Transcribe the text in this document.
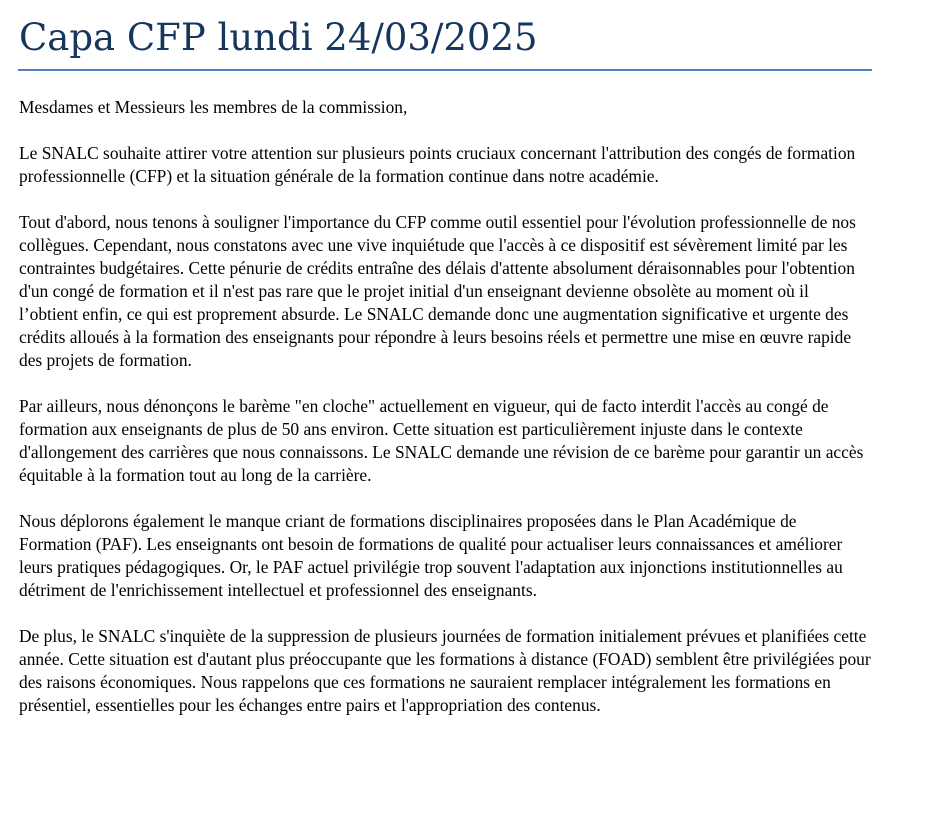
Capa CFP lundi 24/03/2025

Mesdames et Messieurs les membres de la commission,

Le SNALC souhaite attirer votre attention sur plusieurs points cruciaux concernant l'attribution des congés de formation professionnelle (CFP) et la situation générale de la formation continue dans notre académie.

Tout d'abord, nous tenons à souligner l'importance du CFP comme outil essentiel pour l'évolution professionnelle de nos collègues. Cependant, nous constatons avec une vive inquiétude que l'accès à ce dispositif est sévèrement limité par les contraintes budgétaires. Cette pénurie de crédits entraîne des délais d'attente absolument déraisonnables pour l'obtention d'un congé de formation et il n'est pas rare que le projet initial d'un enseignant devienne obsolète au moment où il l’obtient enfin, ce qui est proprement absurde. Le SNALC demande donc une augmentation significative et urgente des crédits alloués à la formation des enseignants pour répondre à leurs besoins réels et permettre une mise en œuvre rapide des projets de formation.

Par ailleurs, nous dénonçons le barème "en cloche" actuellement en vigueur, qui de facto interdit l'accès au congé de formation aux enseignants de plus de 50 ans environ. Cette situation est particulièrement injuste dans le contexte d'allongement des carrières que nous connaissons. Le SNALC demande une révision de ce barème pour garantir un accès équitable à la formation tout au long de la carrière.

Nous déplorons également le manque criant de formations disciplinaires proposées dans le Plan Académique de Formation (PAF). Les enseignants ont besoin de formations de qualité pour actualiser leurs connaissances et améliorer leurs pratiques pédagogiques. Or, le PAF actuel privilégie trop souvent l'adaptation aux injonctions institutionnelles au détriment de l'enrichissement intellectuel et professionnel des enseignants.

De plus, le SNALC s'inquiète de la suppression de plusieurs journées de formation initialement prévues et planifiées cette année. Cette situation est d'autant plus préoccupante que les formations à distance (FOAD) semblent être privilégiées pour des raisons économiques. Nous rappelons que ces formations ne sauraient remplacer intégralement les formations en présentiel, essentielles pour les échanges entre pairs et l'appropriation des contenus.
